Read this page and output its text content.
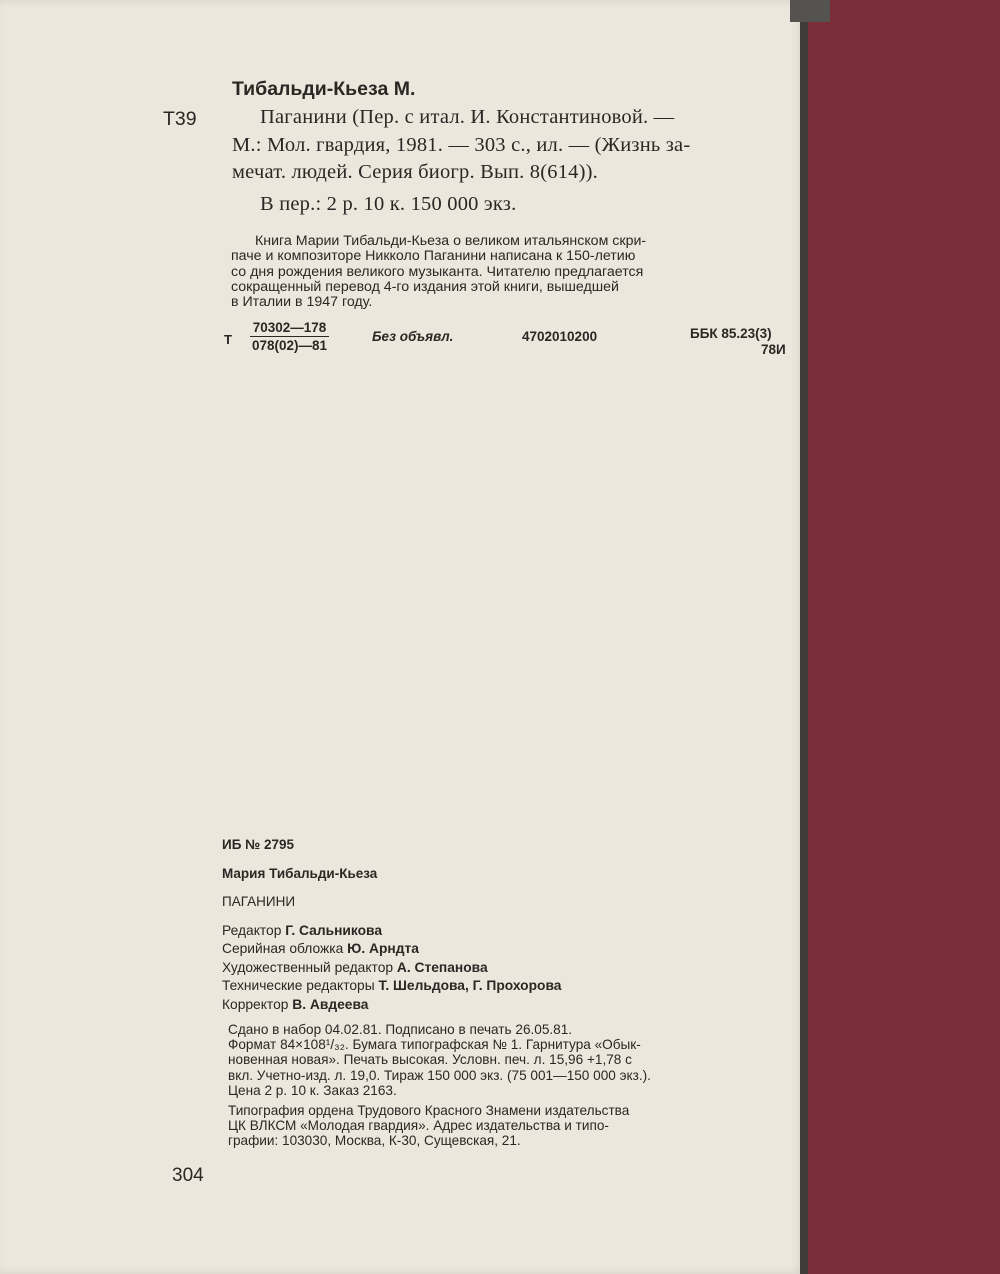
Тибальди-Кьеза М.
Т39	Паганини (Пер. с итал. И. Константиновой. —
М.: Мол. гвардия, 1981. — 303 с., ил. — (Жизнь за-
мечат. людей. Серия биогр. Вып. 8(614)).
В пер.: 2 р. 10 к. 150 000 экз.
Книга Марии Тибальди-Кьеза о великом итальянском скри-
паче и композиторе Никколо Паганини написана к 150-летию
со дня рождения великого музыканта. Читателю предлагается
сокращенный перевод 4-го издания этой книги, вышедшей
в Италии в 1947 году.
Т $\frac{70302—178}{078(02)—81}$	Без объявл.	4702010200	ББК 85.23(3)
78И
ИБ № 2795
Мария Тибальди-Кьеза
ПАГАНИНИ
Редактор Г. Сальникова
Серийная обложка Ю. Арндта
Художественный редактор А. Степанова
Технические редакторы Т. Шельдова, Г. Прохорова
Корректор В. Авдеева
Сдано в набор 04.02.81. Подписано в печать 26.05.81.
Формат 84×108¹/₃₂. Бумага типографская № 1. Гарнитура «Обык-
новенная новая». Печать высокая. Условн. печ. л. 15,96 +1,78 с
вкл. Учетно-изд. л. 19,0. Тираж 150 000 экз. (75 001—150 000 экз.).
Цена 2 р. 10 к. Заказ 2163.
Типография ордена Трудового Красного Знамени издательства
ЦК ВЛКСМ «Молодая гвардия». Адрес издательства и типо-
графии: 103030, Москва, К-30, Сущевская, 21.
304
